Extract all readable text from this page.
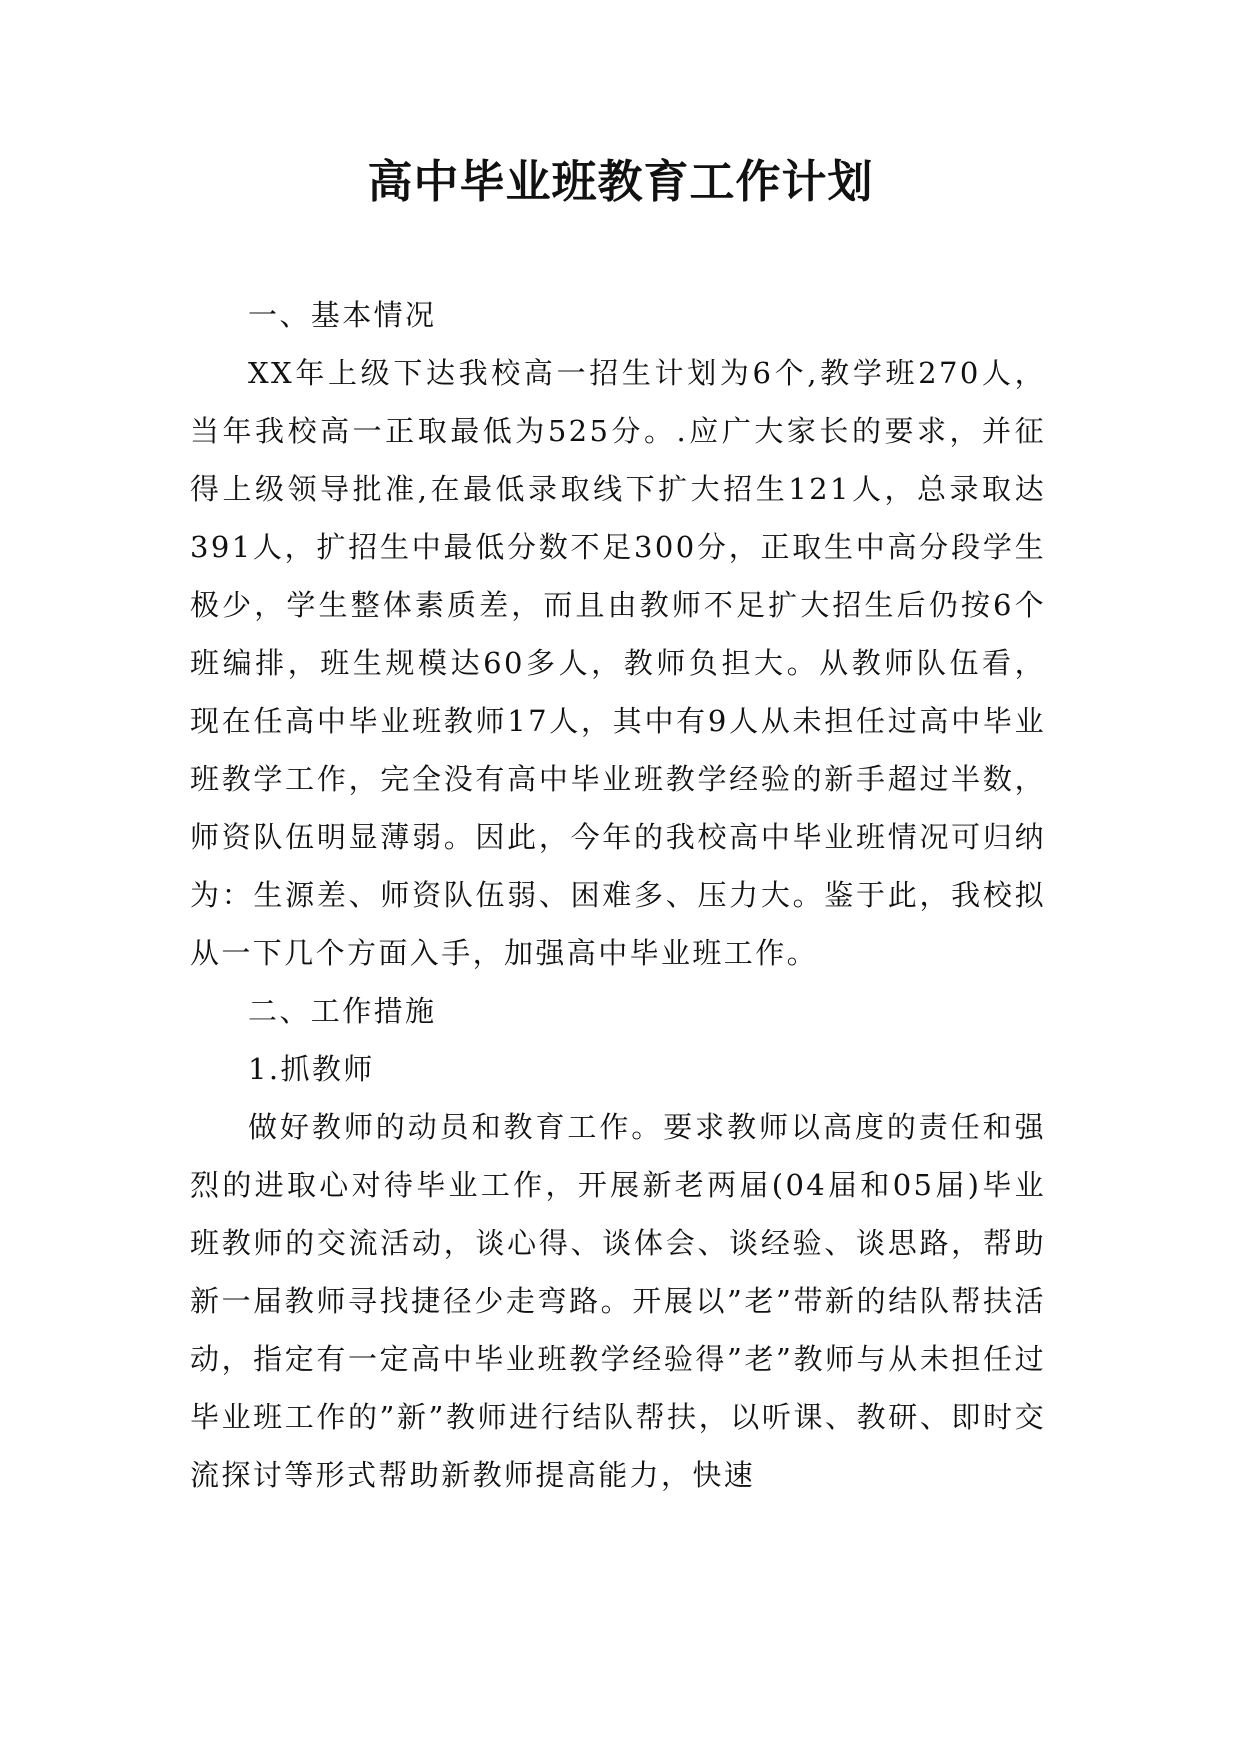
高中毕业班教育工作计划

一、基本情况

XX年上级下达我校高一招生计划为6个,教学班270人，当年我校高一正取最低为525分。.应广大家长的要求，并征得上级领导批准,在最低录取线下扩大招生121人，总录取达391人，扩招生中最低分数不足300分，正取生中高分段学生极少，学生整体素质差，而且由教师不足扩大招生后仍按6个班编排，班生规模达60多人，教师负担大。从教师队伍看，现在任高中毕业班教师17人，其中有9人从未担任过高中毕业班教学工作，完全没有高中毕业班教学经验的新手超过半数，师资队伍明显薄弱。因此，今年的我校高中毕业班情况可归纳为：生源差、师资队伍弱、困难多、压力大。鉴于此，我校拟从一下几个方面入手，加强高中毕业班工作。

二、工作措施

1.抓教师

做好教师的动员和教育工作。要求教师以高度的责任和强烈的进取心对待毕业工作，开展新老两届(04届和05届)毕业班教师的交流活动，谈心得、谈体会、谈经验、谈思路，帮助新一届教师寻找捷径少走弯路。开展以”老”带新的结队帮扶活动，指定有一定高中毕业班教学经验得”老”教师与从未担任过毕业班工作的”新”教师进行结队帮扶，以听课、教研、即时交流探讨等形式帮助新教师提高能力，快速
